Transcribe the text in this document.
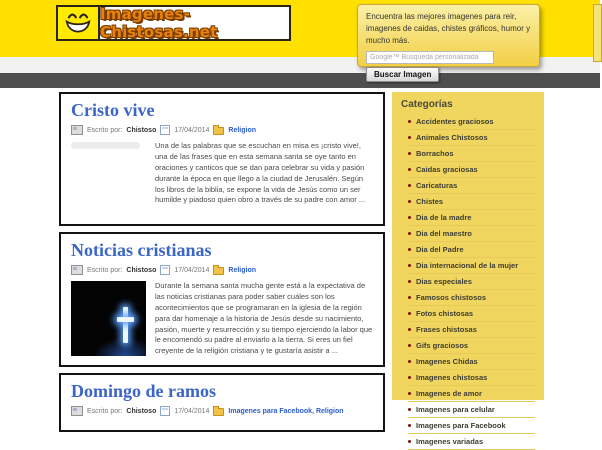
Imagenes-Chistosas.net
Encuentra las mejores imagenes para reir, imagenes de caidas, chistes gráficos, humor y mucho más.
Google™ Búsqueda personalizada Buscar Imagen
Cristo vive
Escrito por: Chistoso	17/04/2014	Religion
Una de las palabras que se escuchan en misa es ¡cristo vive!, una de las frases que en esta semana santa se oye tanto en oraciones y canticos que se dan para celebrar su vida y pasión durante la época en que llego a la ciudad de Jerusalén. Según los libros de la biblia, se expone la vida de Jesús como un ser humilde y piadoso quien obro a través de su padre con amor ...
Noticias cristianas
Escrito por: Chistoso	17/04/2014	Religion
Durante la semana santa mucha gente está a la expectativa de las noticias cristianas para poder saber cuáles son los acontecimientos que se programaran en la iglesia de la región para dar homenaje a la historia de Jesús desde su nacimiento, pasión, muerte y resurrección y su tiempo ejerciendo la labor que le encomendó su padre al enviarlo a la tierra. Si eres un fiel creyente de la religión cristiana y te gustaría asistir a ...
Domingo de ramos
Escrito por: Chistoso	17/04/2014	Imagenes para Facebook, Religion
Categorías
Accidentes graciosos
Animales Chistosos
Borrachos
Caidas graciosas
Caricaturas
Chistes
Dia de la madre
Dia del maestro
Dia del Padre
Dia internacional de la mujer
Dias especiales
Famosos chistosos
Fotos chistosas
Frases chistosas
Gifs graciosos
Imagenes Chidas
Imagenes chistosas
Imagenes de amor
Imagenes para celular
Imagenes para Facebook
Imagenes variadas
